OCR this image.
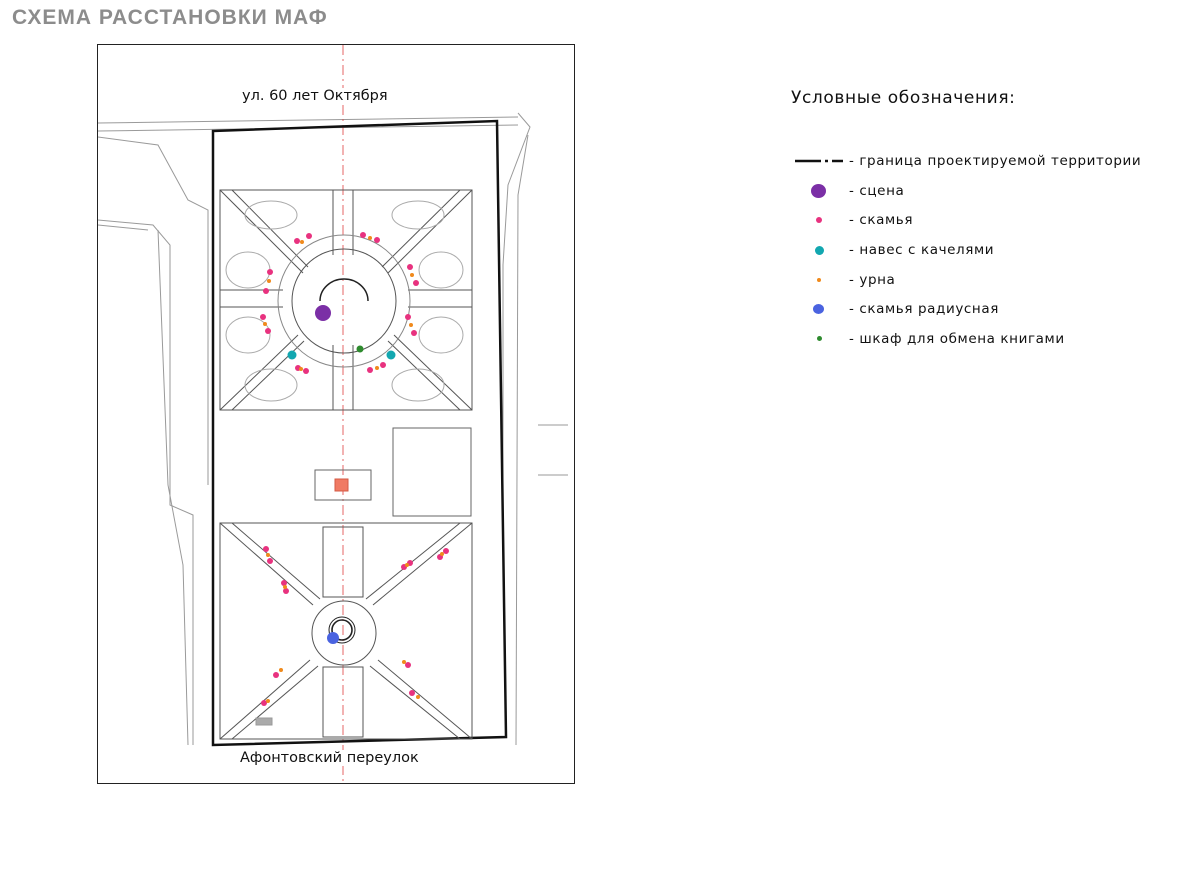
СХЕМА РАССТАНОВКИ МАФ
ул. 60 лет Октября
Афонтовский переулок
Условные обозначения:
- граница проектируемой территории
- сцена
- скамья
- навес с качелями
- урна
- скамья радиусная
- шкаф для обмена книгами
